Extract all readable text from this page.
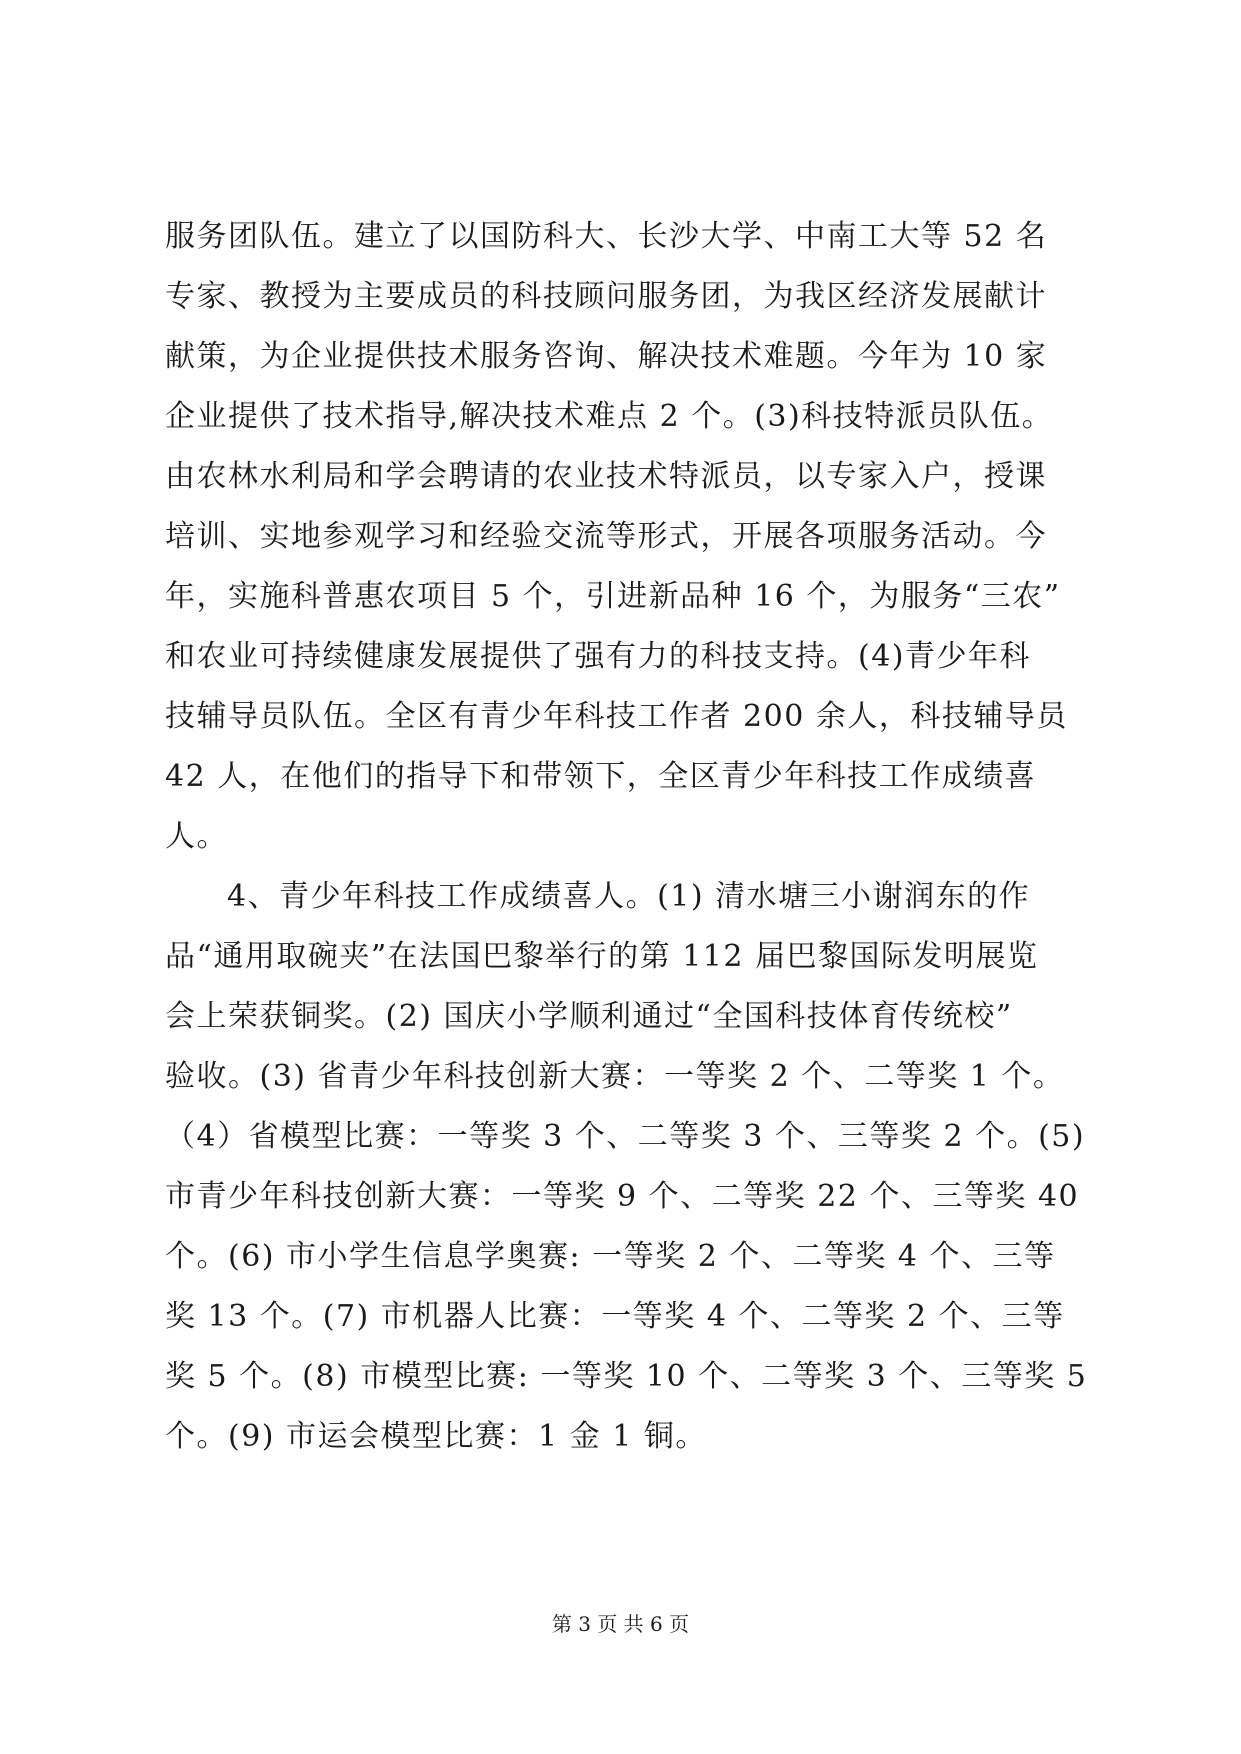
服务团队伍。建立了以国防科大、长沙大学、中南工大等 52 名
专家、教授为主要成员的科技顾问服务团，为我区经济发展献计
献策，为企业提供技术服务咨询、解决技术难题。今年为 10 家
企业提供了技术指导,解决技术难点 2 个。(3)科技特派员队伍。
由农林水利局和学会聘请的农业技术特派员，以专家入户，授课
培训、实地参观学习和经验交流等形式，开展各项服务活动。今
年，实施科普惠农项目 5 个，引进新品种 16 个，为服务“三农”
和农业可持续健康发展提供了强有力的科技支持。(4)青少年科
技辅导员队伍。全区有青少年科技工作者 200 余人，科技辅导员
42 人，在他们的指导下和带领下，全区青少年科技工作成绩喜
人。
4、青少年科技工作成绩喜人。(1) 清水塘三小谢润东的作
品“通用取碗夹”在法国巴黎举行的第 112 届巴黎国际发明展览
会上荣获铜奖。(2) 国庆小学顺利通过“全国科技体育传统校”
验收。(3) 省青少年科技创新大赛：一等奖 2 个、二等奖 1 个。
（4）省模型比赛：一等奖 3 个、二等奖 3 个、三等奖 2 个。(5)
市青少年科技创新大赛：一等奖 9 个、二等奖 22 个、三等奖 40
个。(6) 市小学生信息学奥赛: 一等奖 2 个、二等奖 4 个、三等
奖 13 个。(7) 市机器人比赛：一等奖 4 个、二等奖 2 个、三等
奖 5 个。(8) 市模型比赛: 一等奖 10 个、二等奖 3 个、三等奖 5
个。(9) 市运会模型比赛：1 金 1 铜。
第 3 页 共 6 页
